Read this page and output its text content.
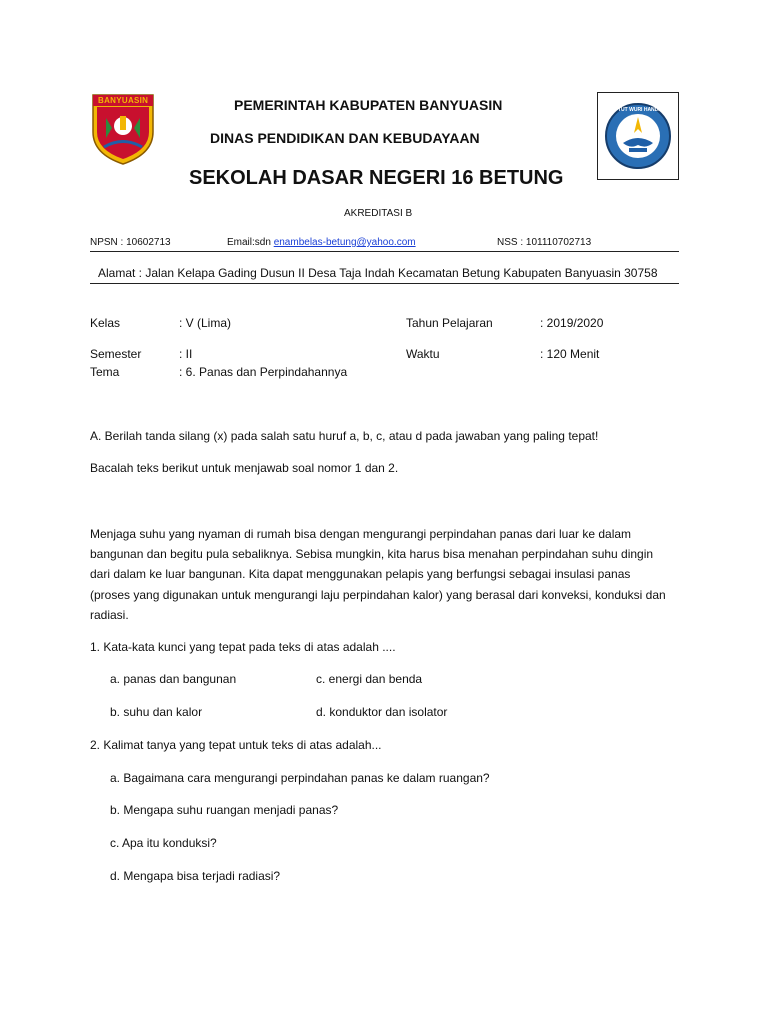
BANYUASIN
TUT WURI HANDAYANI
PEMERINTAH KABUPATEN BANYUASIN
DINAS PENDIDIKAN DAN KEBUDAYAAN
SEKOLAH DASAR NEGERI 16 BETUNG
AKREDITASI B
NPSN : 10602713	Email:sdn enambelas-betung@yahoo.com	NSS : 101110702713
Alamat : Jalan Kelapa Gading Dusun II Desa Taja Indah Kecamatan Betung Kabupaten Banyuasin 30758
Kelas	: V (Lima)	Tahun Pelajaran	: 2019/2020
Semester	: II	Waktu	: 120 Menit
Tema	: 6. Panas dan Perpindahannya
A. Berilah tanda silang (x) pada salah satu huruf a, b, c, atau d pada jawaban yang paling tepat!
Bacalah teks berikut untuk menjawab soal nomor 1 dan 2.
Menjaga suhu yang nyaman di rumah bisa dengan mengurangi perpindahan panas dari luar ke dalam bangunan dan begitu pula sebaliknya. Sebisa mungkin, kita harus bisa menahan perpindahan suhu dingin dari dalam ke luar bangunan. Kita dapat menggunakan pelapis yang berfungsi sebagai insulasi panas (proses yang digunakan untuk mengurangi laju perpindahan kalor) yang berasal dari konveksi, konduksi dan radiasi.
1. Kata-kata kunci yang tepat pada teks di atas adalah ....
a. panas dan bangunan	c. energi dan benda
b. suhu dan kalor	d. konduktor dan isolator
2. Kalimat tanya yang tepat untuk teks di atas adalah...
a. Bagaimana cara mengurangi perpindahan panas ke dalam ruangan?
b. Mengapa suhu ruangan menjadi panas?
c. Apa itu konduksi?
d. Mengapa bisa terjadi radiasi?
